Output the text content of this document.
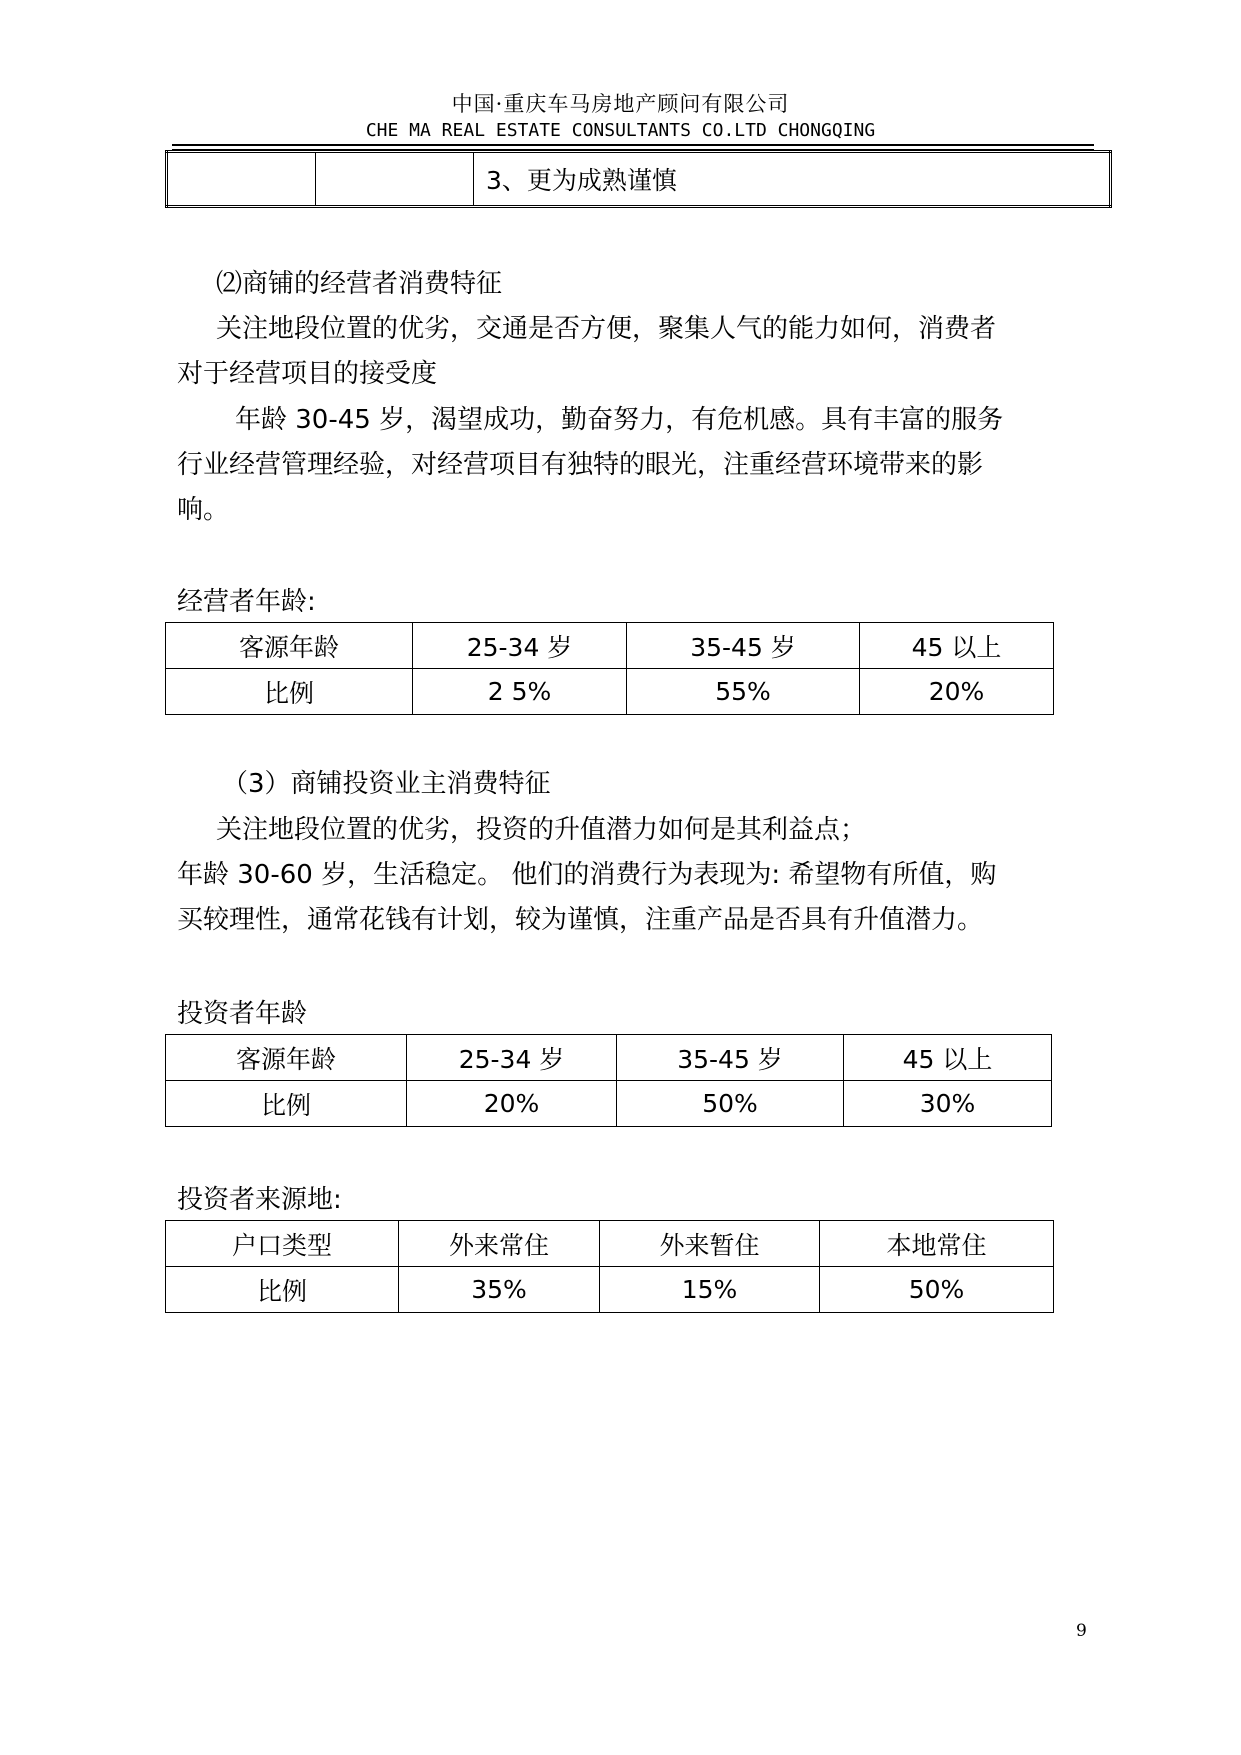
中国·重庆车马房地产顾问有限公司
CHE MA REAL ESTATE CONSULTANTS CO.LTD CHONGQING
		3、更为成熟谨慎
⑵商铺的经营者消费特征
关注地段位置的优劣，交通是否方便，聚集人气的能力如何，消费者
对于经营项目的接受度
年龄 30-45 岁，渴望成功，勤奋努力，有危机感。具有丰富的服务
行业经营管理经验，对经营项目有独特的眼光，注重经营环境带来的影
响。
经营者年龄:
客源年龄	25-34 岁	35-45 岁	45 以上
比例	2 5%	55%	20%
（3）商铺投资业主消费特征
关注地段位置的优劣，投资的升值潜力如何是其利益点；
年龄 30-60 岁，生活稳定。 他们的消费行为表现为: 希望物有所值，购
买较理性，通常花钱有计划，较为谨慎，注重产品是否具有升值潜力。
投资者年龄
客源年龄	25-34 岁	35-45 岁	45 以上
比例	20%	50%	30%
投资者来源地:
户口类型	外来常住	外来暂住	本地常住
比例	35%	15%	50%
9
